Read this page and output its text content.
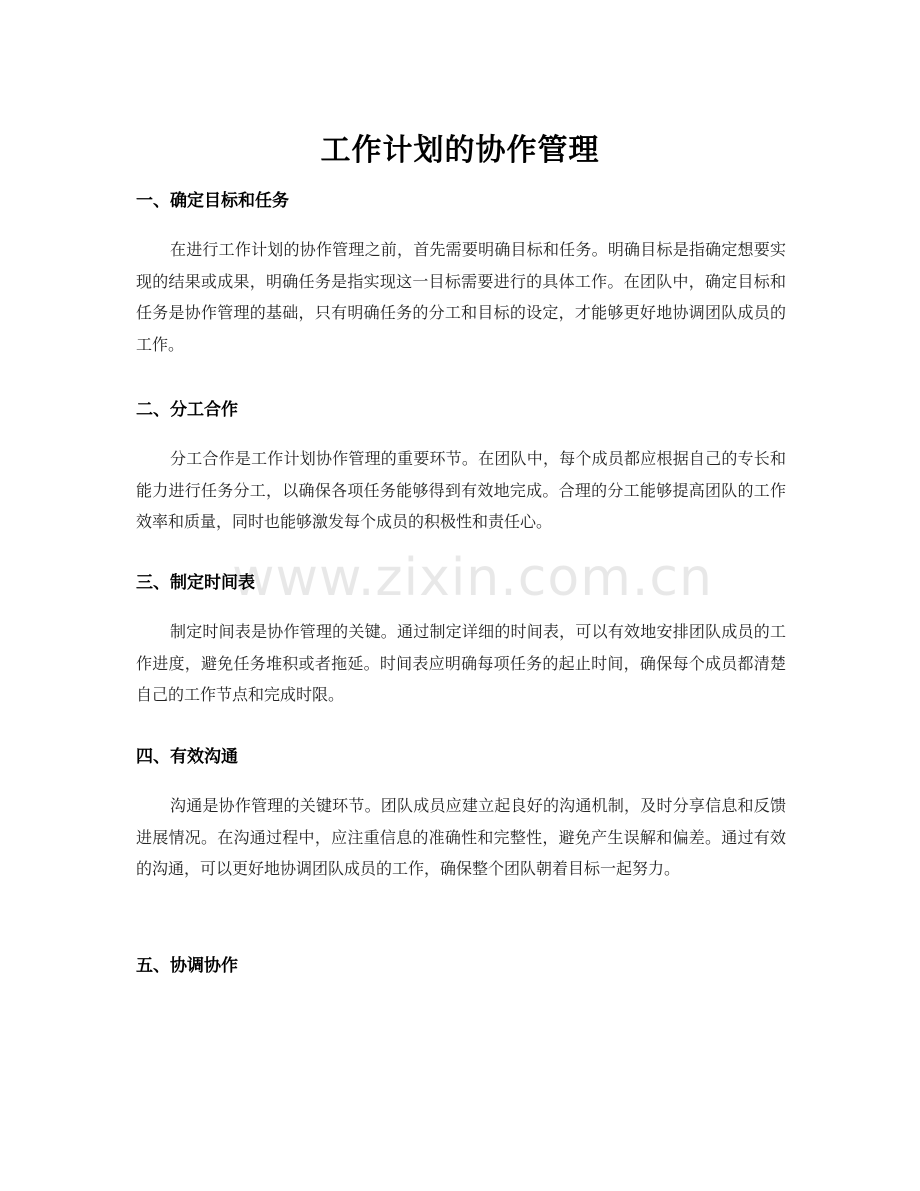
工作计划的协作管理
一、确定目标和任务

在进行工作计划的协作管理之前，首先需要明确目标和任务。明确目标是指确定想要实现的结果或成果，明确任务是指实现这一目标需要进行的具体工作。在团队中，确定目标和任务是协作管理的基础，只有明确任务的分工和目标的设定，才能够更好地协调团队成员的工作。

二、分工合作

分工合作是工作计划协作管理的重要环节。在团队中，每个成员都应根据自己的专长和能力进行任务分工，以确保各项任务能够得到有效地完成。合理的分工能够提高团队的工作效率和质量，同时也能够激发每个成员的积极性和责任心。

三、制定时间表

制定时间表是协作管理的关键。通过制定详细的时间表，可以有效地安排团队成员的工作进度，避免任务堆积或者拖延。时间表应明确每项任务的起止时间，确保每个成员都清楚自己的工作节点和完成时限。

四、有效沟通

沟通是协作管理的关键环节。团队成员应建立起良好的沟通机制，及时分享信息和反馈进展情况。在沟通过程中，应注重信息的准确性和完整性，避免产生误解和偏差。通过有效的沟通，可以更好地协调团队成员的工作，确保整个团队朝着目标一起努力。

五、协调协作
www.zixin.com.cn
